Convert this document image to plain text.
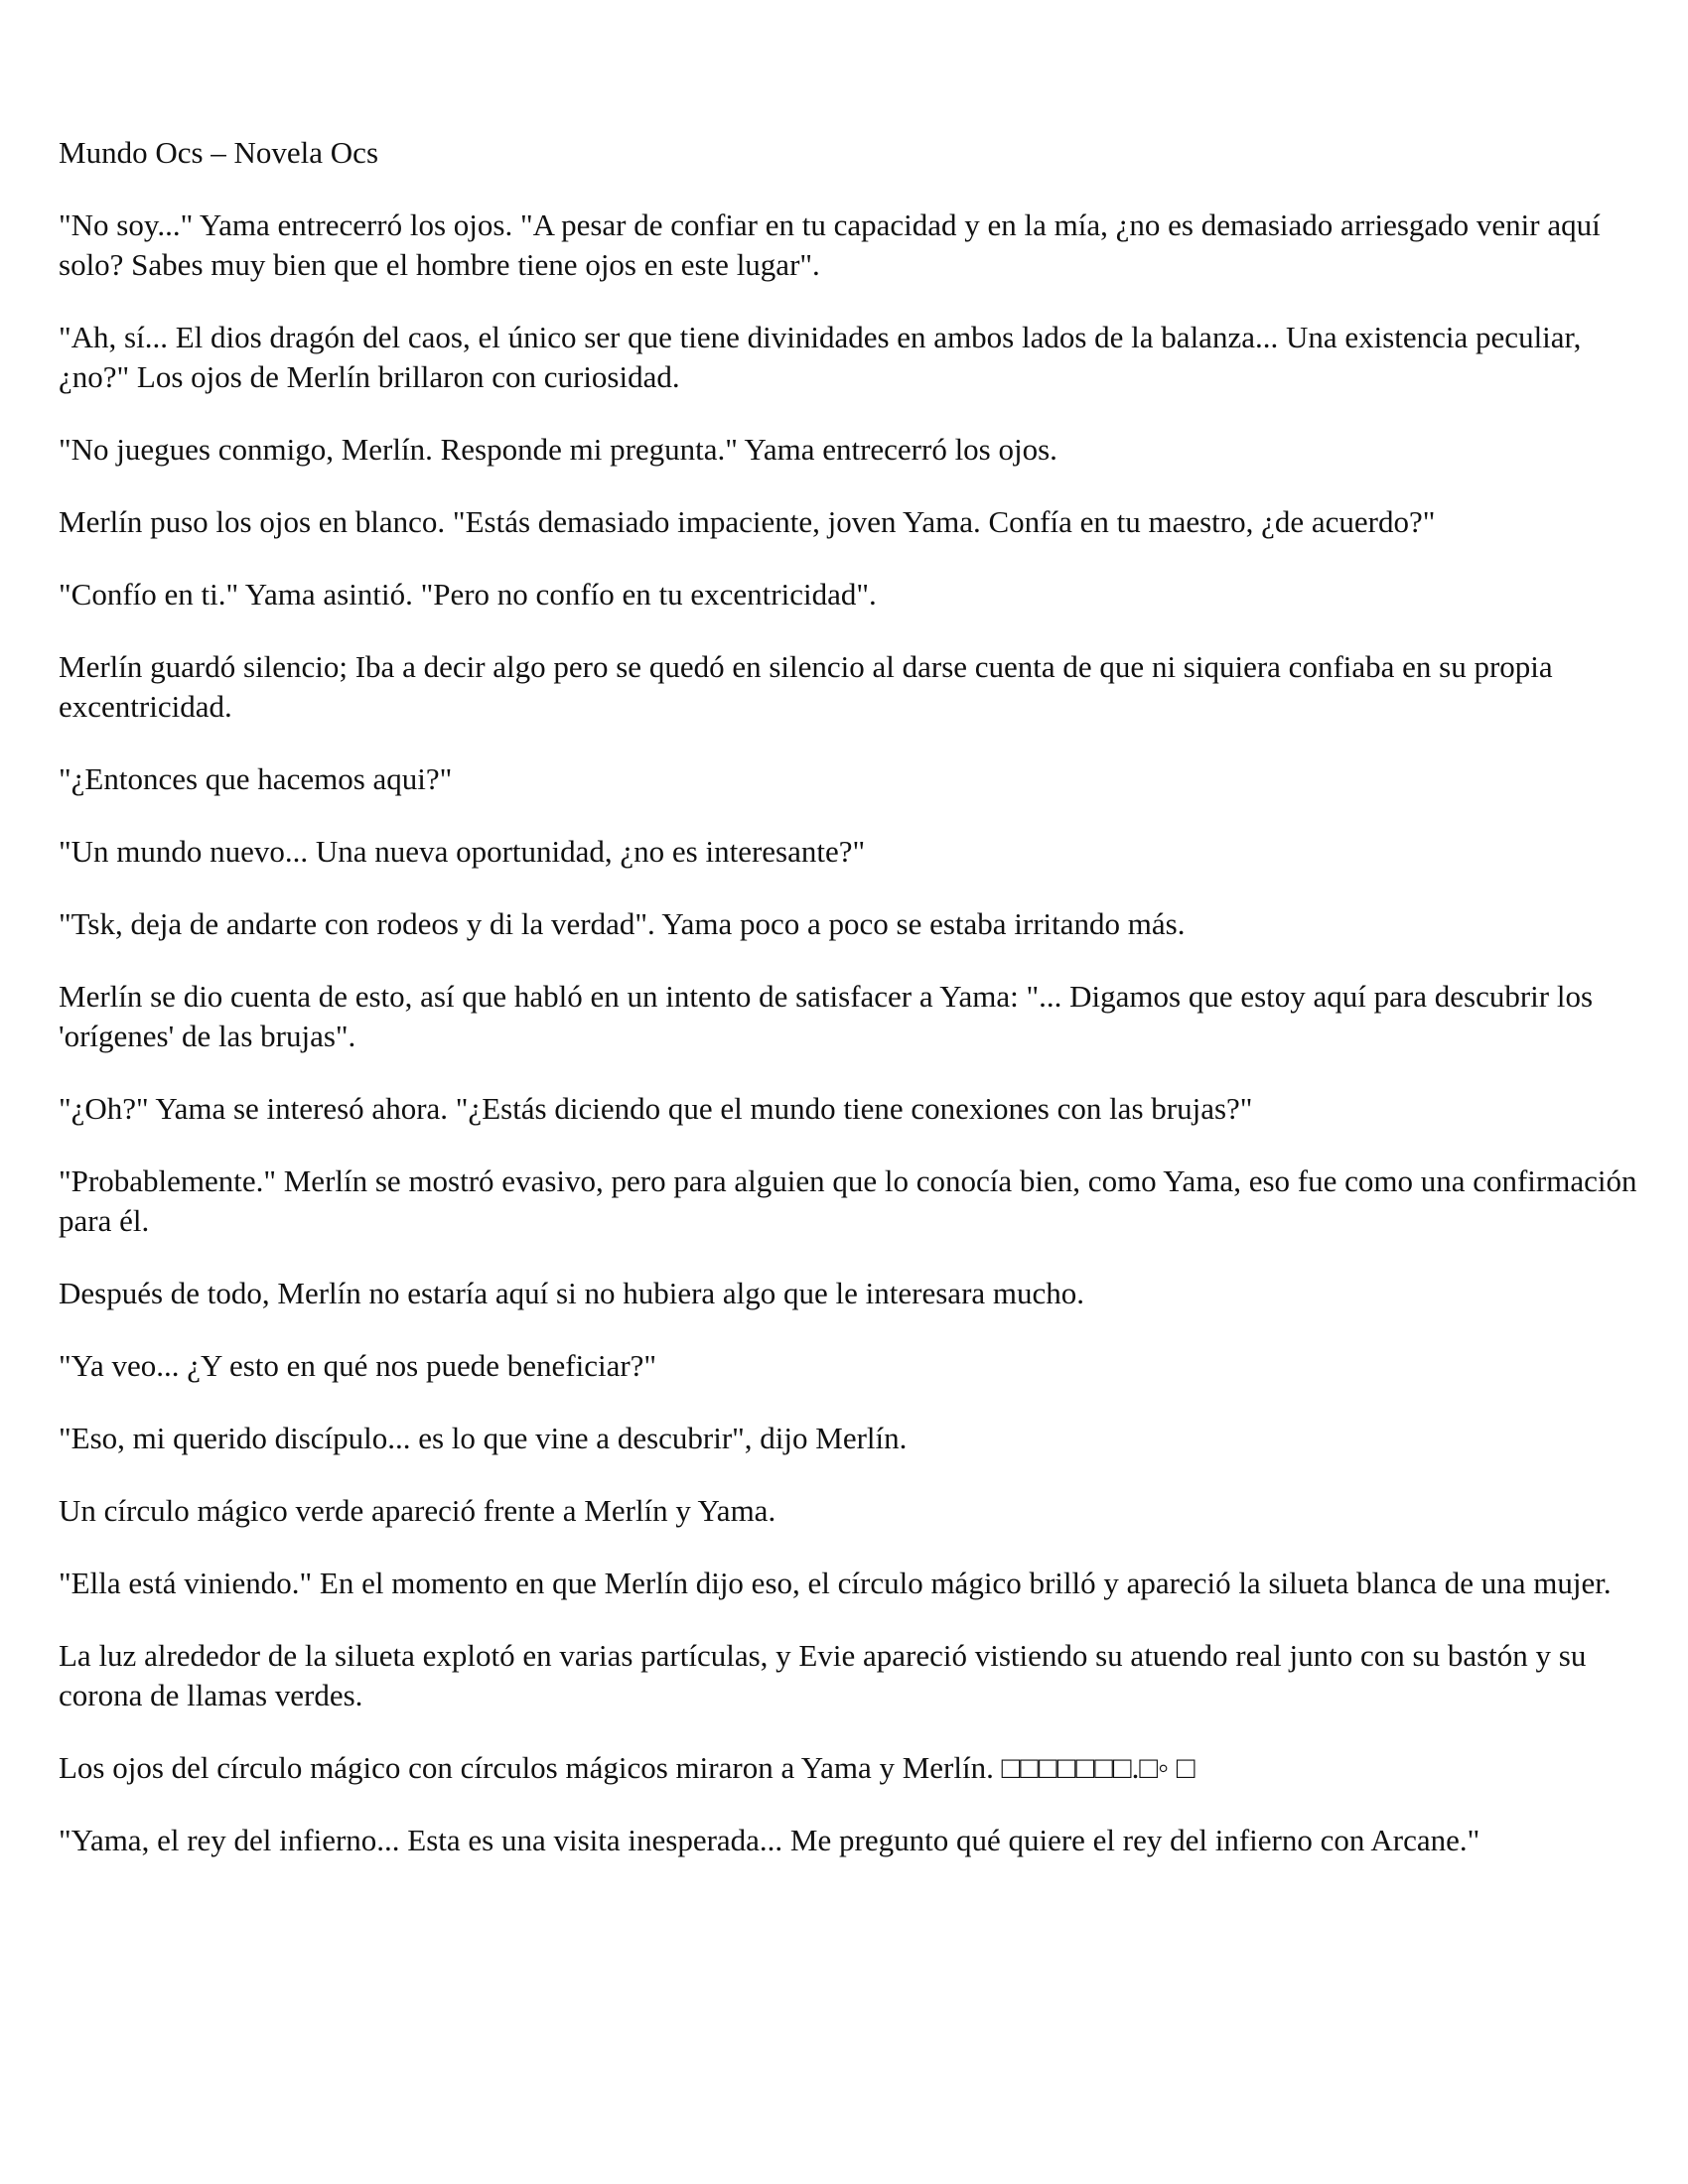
Mundo Ocs – Novela Ocs

"No soy..." Yama entrecerró los ojos. "A pesar de confiar en tu capacidad y en la mía, ¿no es demasiado arriesgado venir aquí solo? Sabes muy bien que el hombre tiene ojos en este lugar".

"Ah, sí... El dios dragón del caos, el único ser que tiene divinidades en ambos lados de la balanza... Una existencia peculiar, ¿no?" Los ojos de Merlín brillaron con curiosidad.

"No juegues conmigo, Merlín. Responde mi pregunta." Yama entrecerró los ojos.

Merlín puso los ojos en blanco. "Estás demasiado impaciente, joven Yama. Confía en tu maestro, ¿de acuerdo?"

"Confío en ti." Yama asintió. "Pero no confío en tu excentricidad".

Merlín guardó silencio; Iba a decir algo pero se quedó en silencio al darse cuenta de que ni siquiera confiaba en su propia excentricidad.

"¿Entonces que hacemos aqui?"

"Un mundo nuevo... Una nueva oportunidad, ¿no es interesante?"

"Tsk, deja de andarte con rodeos y di la verdad". Yama poco a poco se estaba irritando más.

Merlín se dio cuenta de esto, así que habló en un intento de satisfacer a Yama: "... Digamos que estoy aquí para descubrir los 'orígenes' de las brujas".

"¿Oh?" Yama se interesó ahora. "¿Estás diciendo que el mundo tiene conexiones con las brujas?"

"Probablemente." Merlín se mostró evasivo, pero para alguien que lo conocía bien, como Yama, eso fue como una confirmación para él.

Después de todo, Merlín no estaría aquí si no hubiera algo que le interesara mucho.

"Ya veo... ¿Y esto en qué nos puede beneficiar?"

"Eso, mi querido discípulo... es lo que vine a descubrir", dijo Merlín.

Un círculo mágico verde apareció frente a Merlín y Yama.

"Ella está viniendo." En el momento en que Merlín dijo eso, el círculo mágico brilló y apareció la silueta blanca de una mujer.

La luz alrededor de la silueta explotó en varias partículas, y Evie apareció vistiendo su atuendo real junto con su bastón y su corona de llamas verdes.

Los ojos del círculo mágico con círculos mágicos miraron a Yama y Merlín. □□□□□□□.□◦ □

"Yama, el rey del infierno... Esta es una visita inesperada... Me pregunto qué quiere el rey del infierno con Arcane."
